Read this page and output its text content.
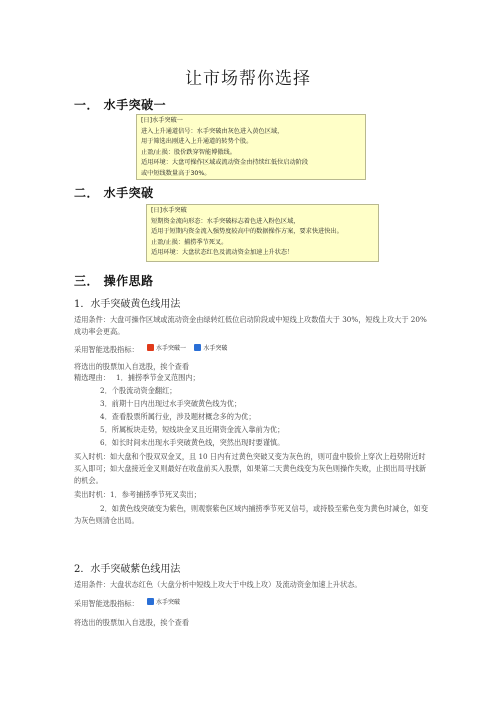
让市场帮你选择
一． 水手突破一
[日]水手突破一
进入上升通道信号：水手突破由灰色进入黄色区域，
用于筛选出刚进入上升通道的转势个股。
止盈/止损：股价跌穿智能博傲线。
适用环境：大盘可操作区域或流动资金由持续红低位启动阶段
或中短线数量高于30%。
二． 水手突破
[日]水手突破
短期资金流向形态：水手突破标志着色进入粉色区域，
适用于短期内资金流入强势度较高中的数据操作方案，要求快进快出。
止盈/止损：捕捞季节死叉。
适用环境：大盘状态红色及流动资金加速上升状态！
三． 操作思路
1．水手突破黄色线用法
适用条件：大盘可操作区域或流动资金由绿转红低位启动阶段或中短线上攻数值大于 30%，短线上攻大于 20%成功率会更高。
采用智能选股指标：	水手突破一	水手突破
将选出的股票加入自选股，挨个查看
精选理由： 1．捕捞季节金叉范围内；
2．个股流动资金翻红；
3．前期十日内出现过水手突破黄色线为优；
4．查看股票所属行业，涉及题材概念多的为优；
5．所属板块走势，短线块金叉且近期资金流入靠前为优；
6．如长时间未出现水手突破黄色线，突然出现时要谨慎。
买入时机：如大盘和个股双双金叉，且 10 日内有过黄色突破又变为灰色的，则可盘中股价上穿次上趋势附近时买入即可；如大盘接近金叉则最好在收盘前买入股票，如果第二天黄色线变为灰色则操作失败，止损出局寻找新的机会。
卖出时机：1．参考捕捞季节死叉卖出；
2．如黄色线突破变为紫色，则观察紫色区域内捕捞季节死叉信号，或持股至紫色变为黄色时减仓，如变为灰色则清仓出局。
2．水手突破紫色线用法
适用条件：大盘状态红色（大盘分析中短线上攻大于中线上攻）及流动资金加速上升状态。
采用智能选股指标：	水手突破
将选出的股票加入自选股，挨个查看
